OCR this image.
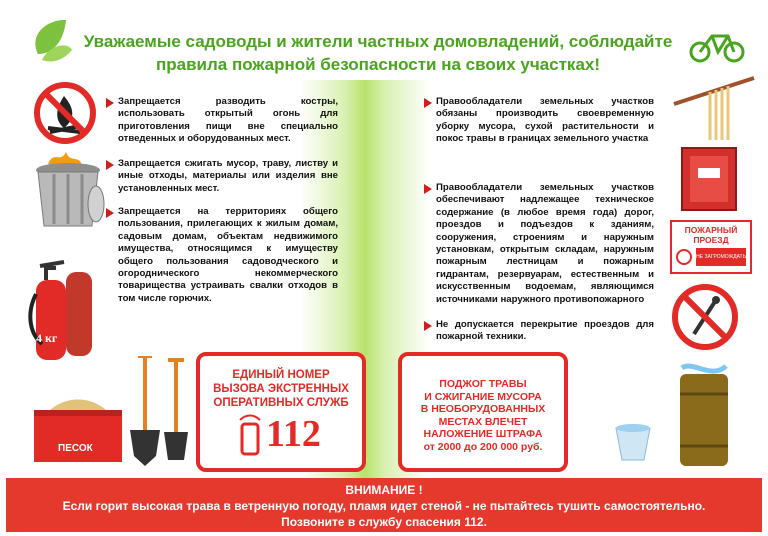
Уважаемые садоводы и жители частных домовладений, соблюдайте
правила пожарной безопасности на своих участках!
4 кг
ПЕСОК
Запрещается разводить костры, использовать открытый огонь для приготовления пищи вне специально отведенных и оборудованных мест.
Запрещается сжигать мусор, траву, листву и иные отходы, материалы или изделия вне установленных мест.
Запрещается на территориях общего пользования, прилегающих к жилым домам, садовым домам, объектам недвижимого имущества, относящимся к имуществу общего пользования садоводческого и огороднического некоммерческого товарищества устраивать свалки отходов в том числе горючих.
Правообладатели земельных участков обязаны производить своевременную уборку мусора, сухой растительности и покос травы в границах земельного участка
Правообладатели земельных участков обеспечивают надлежащее техническое содержание (в любое время года) дорог, проездов и подъездов к зданиям, сооружения, строениям и наружным установкам, открытым складам, наружным пожарным лестницам и пожарным гидрантам, резервуарам, естественным и искусственным водоемам, являющимся источниками наружного противопожарного
Не допускается перекрытие проездов для пожарной техники.
ПОЖАРНЫЙ
ПРОЕЗД
НЕ ЗАГРОМОЖДАТЬ
ЕДИНЫЙ НОМЕР
ВЫЗОВА ЭКСТРЕННЫХ
ОПЕРАТИВНЫХ СЛУЖБ
112
ПОДЖОГ ТРАВЫ
И СЖИГАНИЕ МУСОРА
В НЕОБОРУДОВАННЫХ
МЕСТАХ ВЛЕЧЕТ
НАЛОЖЕНИЕ ШТРАФА
от 2000 до 200 000 руб.
ВНИМАНИЕ !
Если горит высокая трава в ветренную погоду, пламя идет стеной - не пытайтесь тушить самостоятельно.
Позвоните в службу спасения 112.
